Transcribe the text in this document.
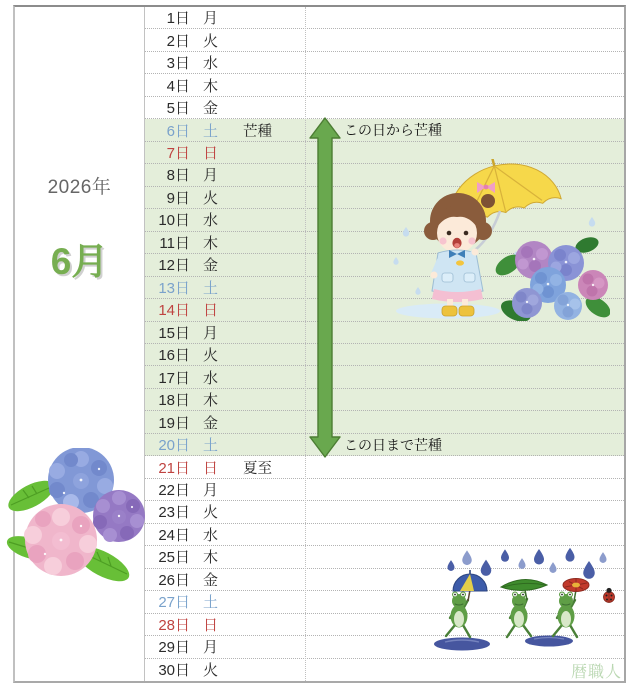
2026年
6月
1日 月
2日 火
3日 水
4日 木
5日 金
6日 土 芒種
7日 日
8日 月
9日 火
10日 水
11日 木
12日 金
13日 土
14日 日
15日 月
16日 火
17日 水
18日 木
19日 金
20日 土
21日 日 夏至
22日 月
23日 火
24日 水
25日 木
26日 金
27日 土
28日 日
29日 月
30日 火
この日から芒種
この日まで芒種
暦職人
